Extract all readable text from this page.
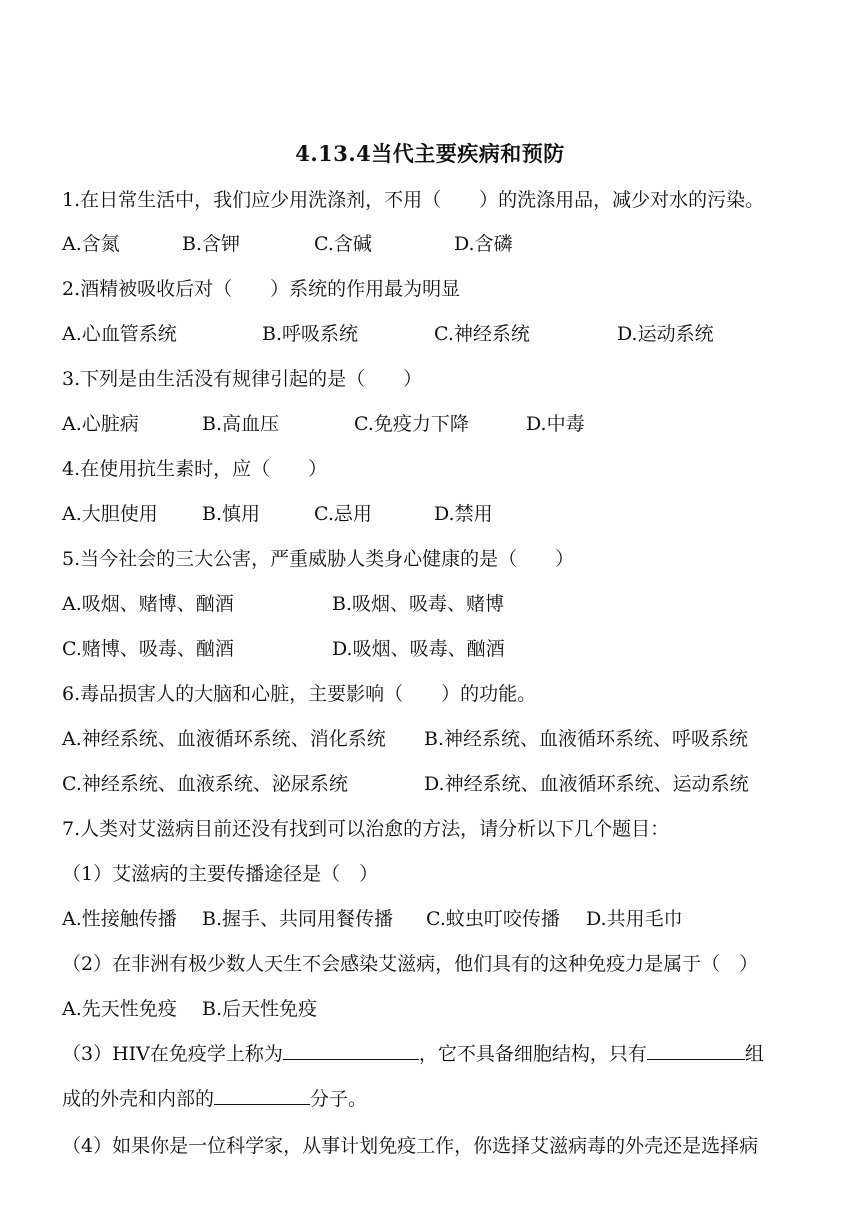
4.13.4当代主要疾病和预防
1.在日常生活中，我们应少用洗涤剂，不用（　　）的洗涤用品，减少对水的污染。
A.含氮	B.含钾	C.含碱	D.含磷
2.酒精被吸收后对（　　）系统的作用最为明显
A.心血管系统	B.呼吸系统	C.神经系统	D.运动系统
3.下列是由生活没有规律引起的是（　　）
A.心脏病	B.高血压	C.免疫力下降	D.中毒
4.在使用抗生素时，应（　　）
A.大胆使用 B.慎用	C.忌用	D.禁用
5.当今社会的三大公害，严重威胁人类身心健康的是（　　）
A.吸烟、赌博、酗酒	B.吸烟、吸毒、赌博
C.赌博、吸毒、酗酒	D.吸烟、吸毒、酗酒
6.毒品损害人的大脑和心脏，主要影响（　　）的功能。
A.神经系统、血液循环系统、消化系统 B.神经系统、血液循环系统、呼吸系统
C.神经系统、血液系统、泌尿系统	D.神经系统、血液循环系统、运动系统
7.人类对艾滋病目前还没有找到可以治愈的方法，请分析以下几个题目：
（1）艾滋病的主要传播途径是（　）
A.性接触传播 B.握手、共同用餐传播 C.蚊虫叮咬传播 D.共用毛巾
（2）在非洲有极少数人天生不会感染艾滋病，他们具有的这种免疫力是属于（　）
A.先天性免疫 B.后天性免疫
（3）HIV在免疫学上称为	，它不具备细胞结构，只有	组
成的外壳和内部的	分子。
（4）如果你是一位科学家，从事计划免疫工作，你选择艾滋病毒的外壳还是选择病
